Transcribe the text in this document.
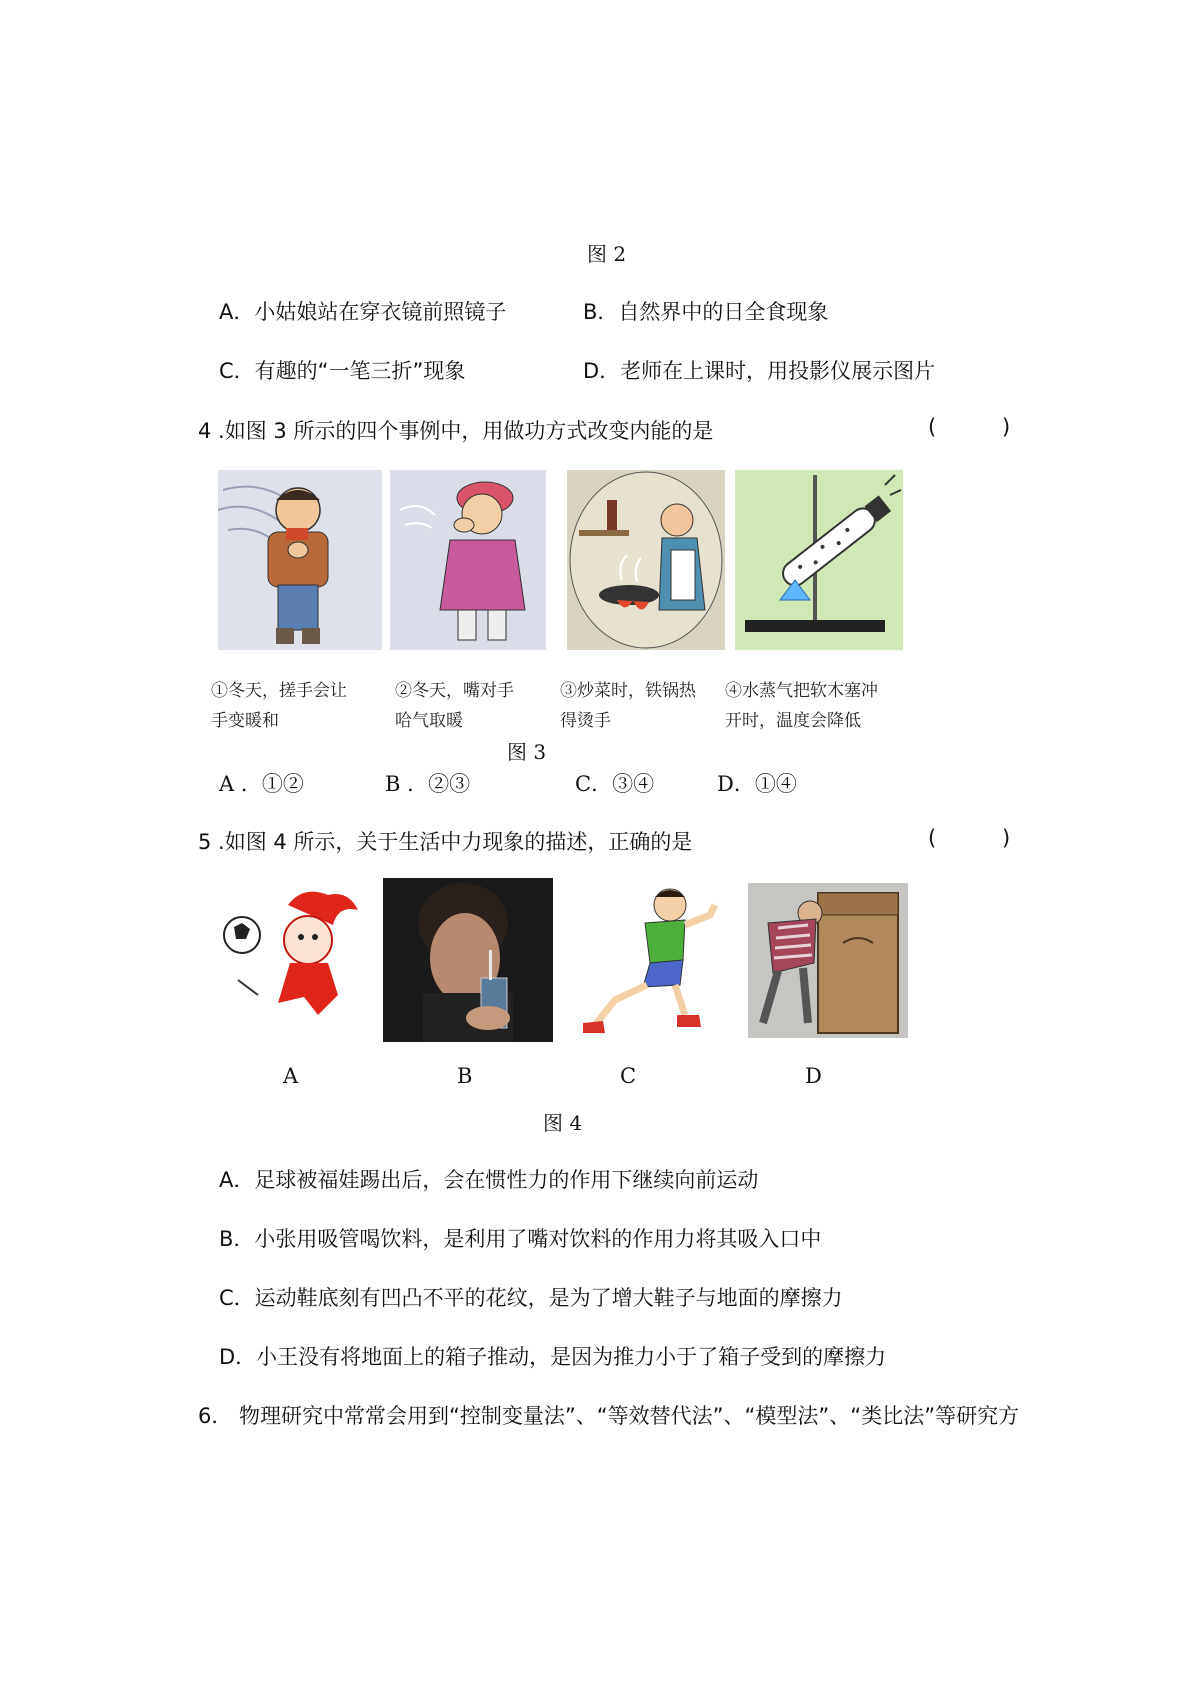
图 2
A．小姑娘站在穿衣镜前照镜子	B．自然界中的日全食现象
C．有趣的“一笔三折”现象	D．老师在上课时，用投影仪展示图片
4 .如图 3 所示的四个事例中，用做功方式改变内能的是	(	)
①冬天，搓手会让
手变暖和
②冬天，嘴对手
哈气取暖
③炒菜时，铁锅热
得烫手
④水蒸气把软木塞冲
开时，温度会降低
图 3
A ．①②	B ．②③	C．③④	D．①④
5 .如图 4 所示，关于生活中力现象的描述，正确的是	(	)
A	B	C	D
图 4
A．足球被福娃踢出后，会在惯性力的作用下继续向前运动
B．小张用吸管喝饮料，是利用了嘴对饮料的作用力将其吸入口中
C．运动鞋底刻有凹凸不平的花纹，是为了增大鞋子与地面的摩擦力
D．小王没有将地面上的箱子推动，是因为推力小于了箱子受到的摩擦力
6． 物理研究中常常会用到“控制变量法”、“等效替代法”、“模型法”、“类比法”等研究方
